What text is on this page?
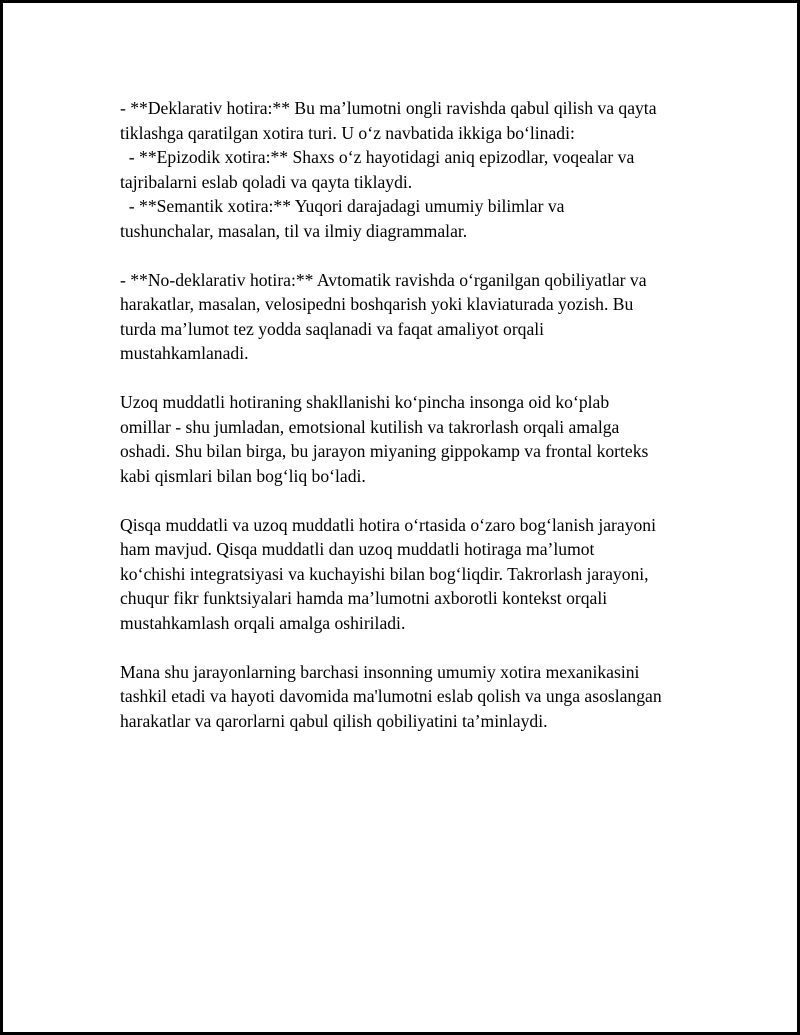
- **Deklarativ hotira:** Bu ma’lumotni ongli ravishda qabul qilish va qayta

tiklashga qaratilgan xotira turi. U o‘z navbatida ikkiga bo‘linadi:

- **Epizodik xotira:** Shaxs o‘z hayotidagi aniq epizodlar, voqealar va

tajribalarni eslab qoladi va qayta tiklaydi.

- **Semantik xotira:** Yuqori darajadagi umumiy bilimlar va

tushunchalar, masalan, til va ilmiy diagrammalar.

- **No-deklarativ hotira:** Avtomatik ravishda o‘rganilgan qobiliyatlar va

harakatlar, masalan, velosipedni boshqarish yoki klaviaturada yozish. Bu

turda ma’lumot tez yodda saqlanadi va faqat amaliyot orqali

mustahkamlanadi.

Uzoq muddatli hotiraning shakllanishi ko‘pincha insonga oid ko‘plab

omillar - shu jumladan, emotsional kutilish va takrorlash orqali amalga

oshadi. Shu bilan birga, bu jarayon miyaning gippokamp va frontal korteks

kabi qismlari bilan bog‘liq bo‘ladi.

Qisqa muddatli va uzoq muddatli hotira o‘rtasida o‘zaro bog‘lanish jarayoni

ham mavjud. Qisqa muddatli dan uzoq muddatli hotiraga ma’lumot

ko‘chishi integratsiyasi va kuchayishi bilan bog‘liqdir. Takrorlash jarayoni,

chuqur fikr funktsiyalari hamda ma’lumotni axborotli kontekst orqali

mustahkamlash orqali amalga oshiriladi.

Mana shu jarayonlarning barchasi insonning umumiy xotira mexanikasini

tashkil etadi va hayoti davomida ma'lumotni eslab qolish va unga asoslangan

harakatlar va qarorlarni qabul qilish qobiliyatini ta’minlaydi.
